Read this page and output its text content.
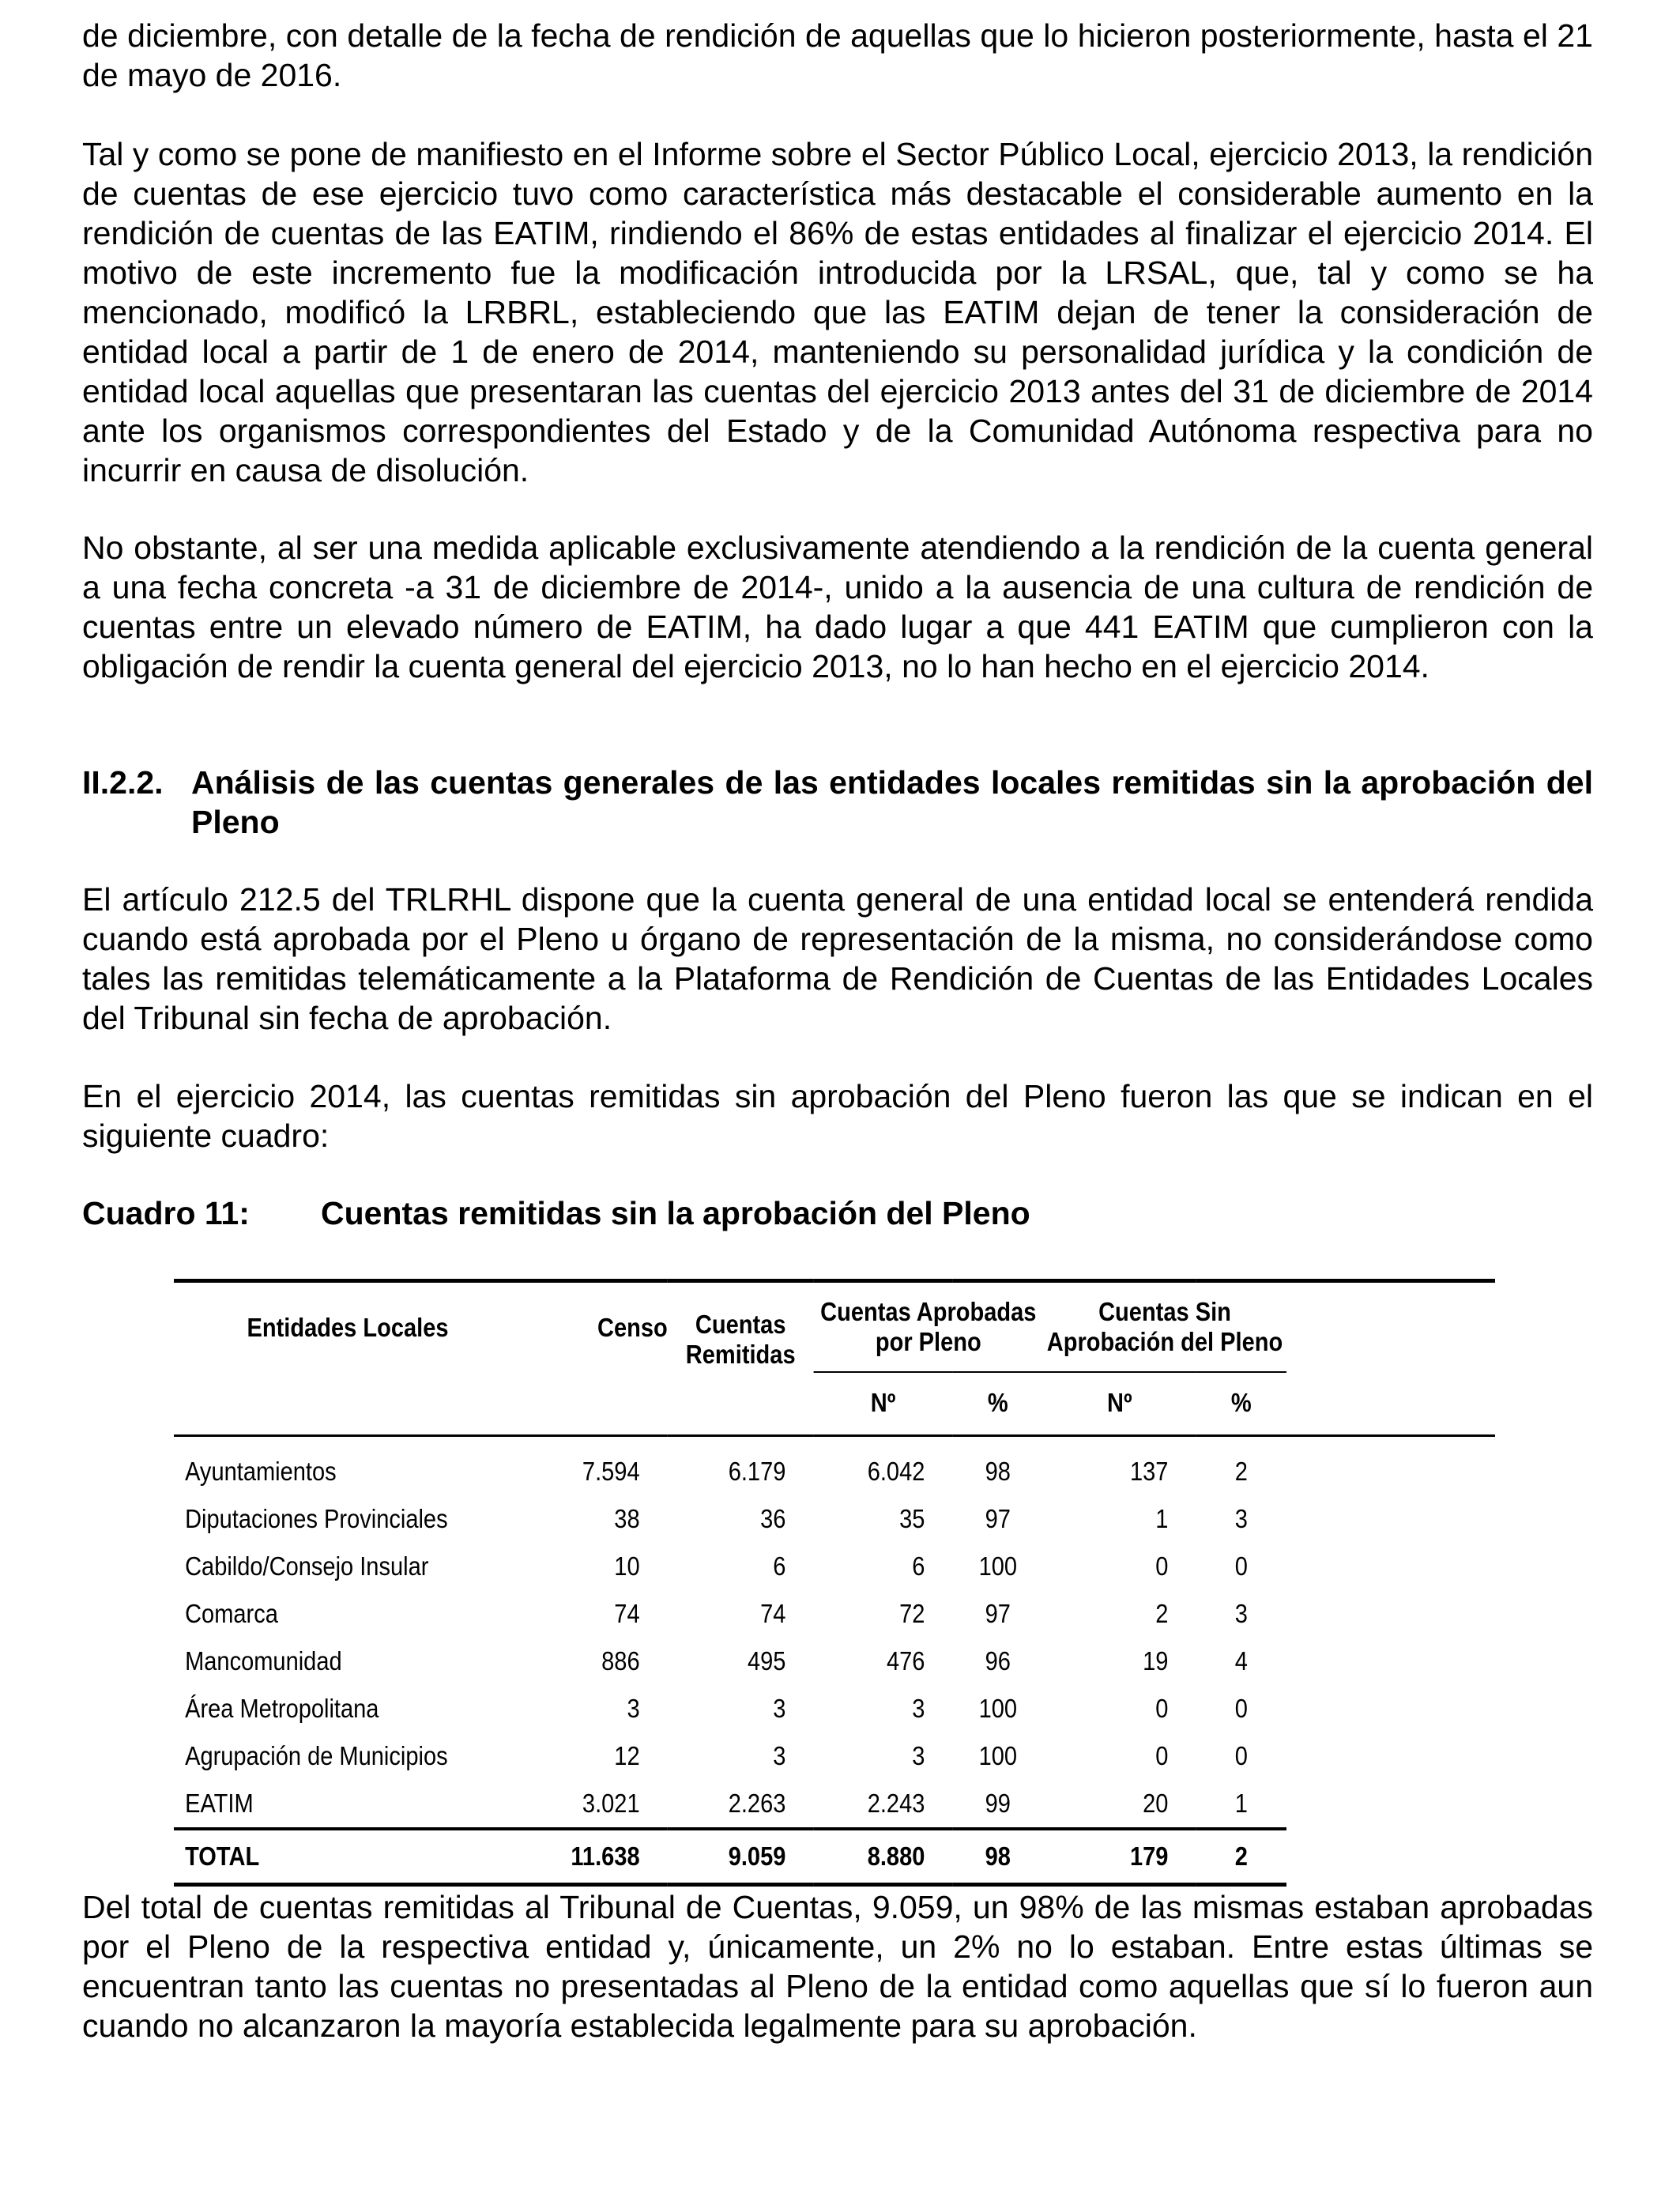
de diciembre, con detalle de la fecha de rendición de aquellas que lo hicieron posteriormente, hasta el 21 de mayo de 2016.

Tal y como se pone de manifiesto en el Informe sobre el Sector Público Local, ejercicio 2013, la rendición de cuentas de ese ejercicio tuvo como característica más destacable el considerable aumento en la rendición de cuentas de las EATIM, rindiendo el 86% de estas entidades al finalizar el ejercicio 2014. El motivo de este incremento fue la modificación introducida por la LRSAL, que, tal y como se ha mencionado, modificó la LRBRL, estableciendo que las EATIM dejan de tener la consideración de entidad local a partir de 1 de enero de 2014, manteniendo su personalidad jurídica y la condición de entidad local aquellas que presentaran las cuentas del ejercicio 2013 antes del 31 de diciembre de 2014 ante los organismos correspondientes del Estado y de la Comunidad Autónoma respectiva para no incurrir en causa de disolución.

No obstante, al ser una medida aplicable exclusivamente atendiendo a la rendición de la cuenta general a una fecha concreta -a 31 de diciembre de 2014-, unido a la ausencia de una cultura de rendición de cuentas entre un elevado número de EATIM, ha dado lugar a que 441 EATIM que cumplieron con la obligación de rendir la cuenta general del ejercicio 2013, no lo han hecho en el ejercicio 2014.

II.2.2. Análisis de las cuentas generales de las entidades locales remitidas sin la aprobación del Pleno

El artículo 212.5 del TRLRHL dispone que la cuenta general de una entidad local se entenderá rendida cuando está aprobada por el Pleno u órgano de representación de la misma, no considerándose como tales las remitidas telemáticamente a la Plataforma de Rendición de Cuentas de las Entidades Locales del Tribunal sin fecha de aprobación.

En el ejercicio 2014, las cuentas remitidas sin aprobación del Pleno fueron las que se indican en el siguiente cuadro:

Cuadro 11: Cuentas remitidas sin la aprobación del Pleno
Entidades Locales	Censo	Cuentas Remitidas	Cuentas Aprobadas por Pleno		Cuentas Sin Aprobación del Pleno		

			Nº	%	Nº	%	
Ayuntamientos	7.594	6.179	6.042	98	137	2	
Diputaciones Provinciales	38	36	35	97	1	3	
Cabildo/Consejo Insular	10	6	6	100	0	0	
Comarca	74	74	72	97	2	3	
Mancomunidad	886	495	476	96	19	4	
Área Metropolitana	3	3	3	100	0	0	
Agrupación de Municipios	12	3	3	100	0	0	
EATIM	3.021	2.263	2.243	99	20	1	
TOTAL	11.638	9.059	8.880	98	179	2	

Del total de cuentas remitidas al Tribunal de Cuentas, 9.059, un 98% de las mismas estaban aprobadas por el Pleno de la respectiva entidad y, únicamente, un 2% no lo estaban. Entre estas últimas se encuentran tanto las cuentas no presentadas al Pleno de la entidad como aquellas que sí lo fueron aun cuando no alcanzaron la mayoría establecida legalmente para su aprobación.
